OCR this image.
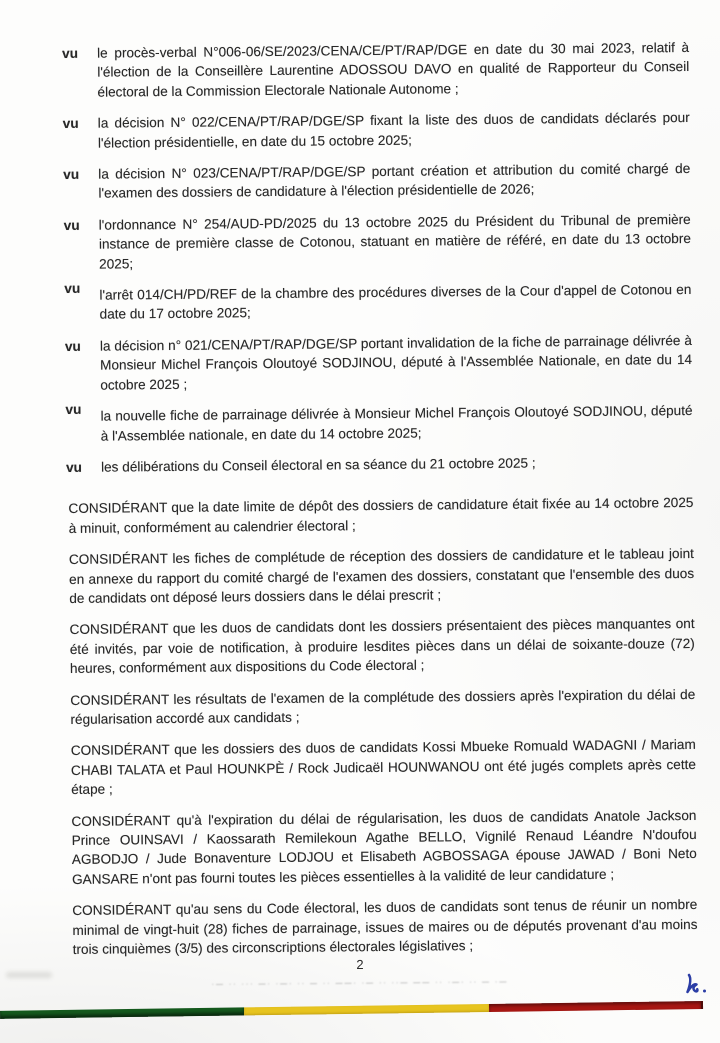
vu	le procès-verbal N°006-06/SE/2023/CENA/CE/PT/RAP/DGE en date du 30 mai 2023, relatif à l'élection de la Conseillère Laurentine ADOSSOU DAVO en qualité de Rapporteur du Conseil électoral de la Commission Electorale Nationale Autonome ;

vu	la décision N° 022/CENA/PT/RAP/DGE/SP fixant la liste des duos de candidats déclarés pour l'élection présidentielle, en date du 15 octobre 2025;

vu	la décision N° 023/CENA/PT/RAP/DGE/SP portant création et attribution du comité chargé de l'examen des dossiers de candidature à l'élection présidentielle de 2026;

vu	l'ordonnance N° 254/AUD-PD/2025 du 13 octobre 2025 du Président du Tribunal de première instance de première classe de Cotonou, statuant en matière de référé, en date du 13 octobre 2025;

vu	l'arrêt 014/CH/PD/REF de la chambre des procédures diverses de la Cour d'appel de Cotonou en date du 17 octobre 2025;

vu	la décision n° 021/CENA/PT/RAP/DGE/SP portant invalidation de la fiche de parrainage délivrée à Monsieur Michel François Oloutoyé SODJINOU, député à l'Assemblée Nationale, en date du 14 octobre 2025 ;

vu	la nouvelle fiche de parrainage délivrée à Monsieur Michel François Oloutoyé SODJINOU, député à l'Assemblée nationale, en date du 14 octobre 2025;

vu	les délibérations du Conseil électoral en sa séance du 21 octobre 2025 ;

CONSIDÉRANT que la date limite de dépôt des dossiers de candidature était fixée au 14 octobre 2025 à minuit, conformément au calendrier électoral ;

CONSIDÉRANT les fiches de complétude de réception des dossiers de candidature et le tableau joint en annexe du rapport du comité chargé de l'examen des dossiers, constatant que l'ensemble des duos de candidats ont déposé leurs dossiers dans le délai prescrit ;

CONSIDÉRANT que les duos de candidats dont les dossiers présentaient des pièces manquantes ont été invités, par voie de notification, à produire lesdites pièces dans un délai de soixante-douze (72) heures, conformément aux dispositions du Code électoral ;

CONSIDÉRANT les résultats de l'examen de la complétude des dossiers après l'expiration du délai de régularisation accordé aux candidats ;

CONSIDÉRANT que les dossiers des duos de candidats Kossi Mbueke Romuald WADAGNI / Mariam CHABI TALATA et Paul HOUNKPÈ / Rock Judicaël HOUNWANOU ont été jugés complets après cette étape ;

CONSIDÉRANT qu'à l'expiration du délai de régularisation, les duos de candidats Anatole Jackson Prince OUINSAVI / Kaossarath Remilekoun Agathe BELLO, Vignilé Renaud Léandre N'doufou AGBODJO / Jude Bonaventure LODJOU et Elisabeth AGBOSSAGA épouse JAWAD / Boni Neto GANSARE n'ont pas fourni toutes les pièces essentielles à la validité de leur candidature ;

CONSIDÉRANT qu'au sens du Code électoral, les duos de candidats sont tenus de réunir un nombre minimal de vingt-huit (28) fiches de parrainage, issues de maires ou de députés provenant d'au moins trois cinquièmes (3/5) des circonscriptions électorales législatives ;

2
·— ·· ··· —· ·—· ·· — ·· ——· ·— ·· ··— —— ·· ·—· ·· — ·—
